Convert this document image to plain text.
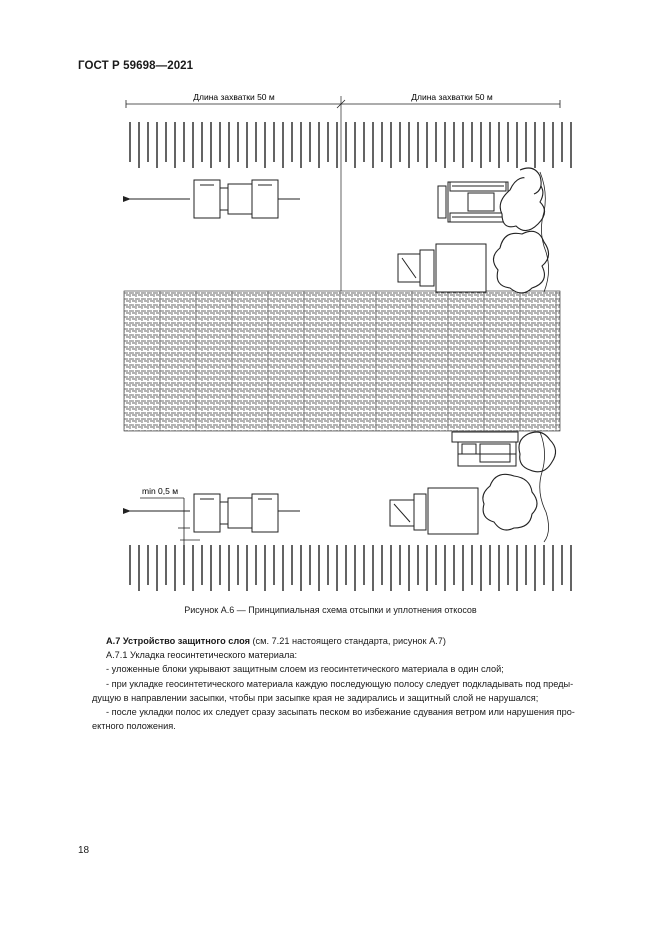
ГОСТ Р 59698—2021
Длина захватки 50 м	Длина захватки 50 м
min 0,5 м
Рисунок А.6 — Принципиальная схема отсыпки и уплотнения откосов

А.7 Устройство защитного слоя (см. 7.21 настоящего стандарта, рисунок А.7)

А.7.1 Укладка геосинтетического материала:

- уложенные блоки укрывают защитным слоем из геосинтетического материала в один слой;

- при укладке геосинтетического материала каждую последующую полосу следует подкладывать под преды-

дущую в направлении засыпки, чтобы при засыпке края не задирались и защитный слой не нарушался;

- после укладки полос их следует сразу засыпать песком во избежание сдувания ветром или нарушения про-

ектного положения.

18
